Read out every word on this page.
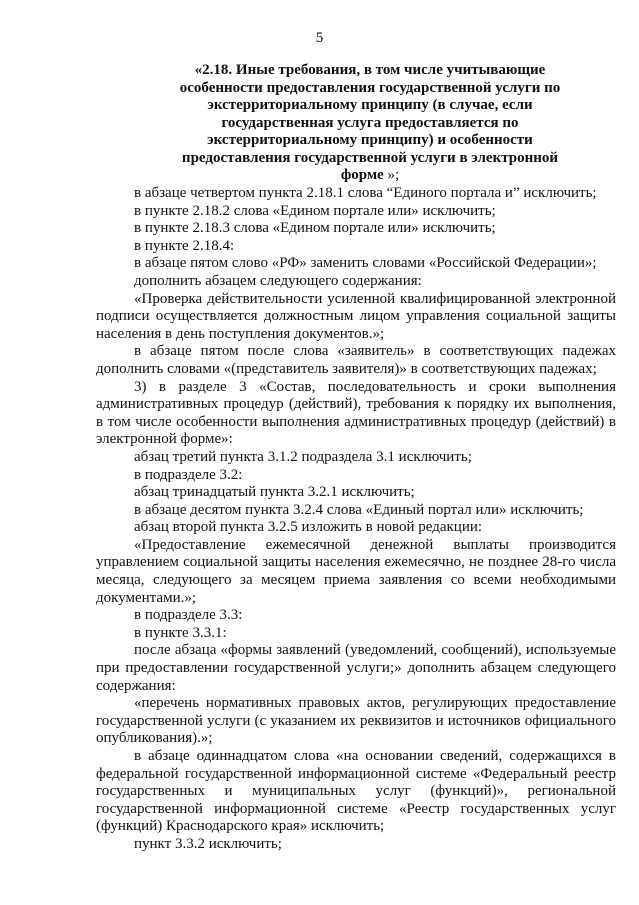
5
«2.18. Иные требования, в том числе учитывающие особенности предоставления государственной услуги по экстерриториальному принципу (в случае, если государственная услуга предоставляется по экстерриториальному принципу) и особенности предоставления государственной услуги в электронной форме »;

в абзаце четвертом пункта 2.18.1 слова “Единого портала и” исключить;

в пункте 2.18.2 слова «Едином портале или» исключить;

в пункте 2.18.3 слова «Едином портале или» исключить;

в пункте 2.18.4:

в абзаце пятом слово «РФ» заменить словами «Российской Федерации»;

дополнить абзацем следующего содержания:

«Проверка действительности усиленной квалифицированной электронной подписи осуществляется должностным лицом управления социальной защиты населения в день поступления документов.»;

в абзаце пятом после слова «заявитель» в соответствующих падежах дополнить словами «(представитель заявителя)» в соответствующих падежах;

3) в разделе 3 «Состав, последовательность и сроки выполнения административных процедур (действий), требования к порядку их выполнения, в том числе особенности выполнения административных процедур (действий) в электронной форме»:

абзац третий пункта 3.1.2 подраздела 3.1 исключить;

в подразделе 3.2:

абзац тринадцатый пункта 3.2.1 исключить;

в абзаце десятом пункта 3.2.4 слова «Единый портал или» исключить;

абзац второй пункта 3.2.5 изложить в новой редакции:

«Предоставление ежемесячной денежной выплаты производится управлением социальной защиты населения ежемесячно, не позднее 28-го числа месяца, следующего за месяцем приема заявления со всеми необходимыми документами.»;

в подразделе 3.3:

в пункте 3.3.1:

после абзаца «формы заявлений (уведомлений, сообщений), используемые при предоставлении государственной услуги;» дополнить абзацем следующего содержания:

«перечень нормативных правовых актов, регулирующих предоставление государственной услуги (с указанием их реквизитов и источников официального опубликования).»;

в абзаце одиннадцатом слова «на основании сведений, содержащихся в федеральной государственной информационной системе «Федеральный реестр государственных и муниципальных услуг (функций)», региональной государственной информационной системе «Реестр государственных услуг (функций) Краснодарского края» исключить;

пункт 3.3.2 исключить;
